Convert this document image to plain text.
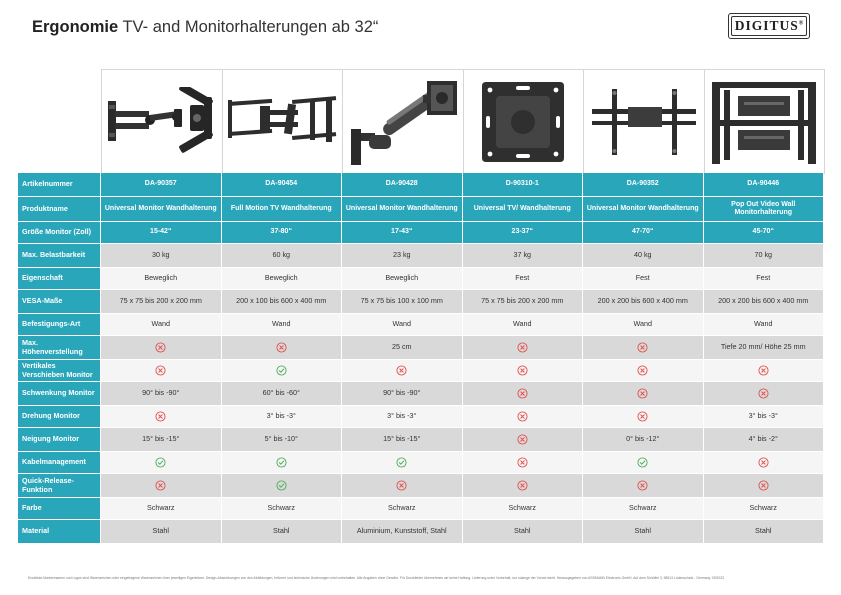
Ergonomie TV- and Monitorhalterungen ab 32“	DIGITUS®
Artikelnummer	DA-90357	DA-90454	DA-90428	D-90310-1	DA-90352	DA-90446
Produktname	Universal Monitor Wandhalterung	Full Motion TV Wandhalterung	Universal Monitor Wandhalterung	Universal TV/ Wandhalterung	Universal Monitor Wandhalterung	Pop Out Video Wall Monitorhalterung
Größe Monitor (Zoll)	15-42“	37-80“	17-43“	23-37“	47-70“	45-70“
Max. Belastbarkeit	30 kg	60 kg	23 kg	37 kg	40 kg	70 kg
Eigenschaft	Beweglich	Beweglich	Beweglich	Fest	Fest	Fest
VESA-Maße	75 x 75 bis 200 x 200 mm	200 x 100 bis 600 x 400 mm	75 x 75 bis 100 x 100 mm	75 x 75 bis 200 x 200 mm	200 x 200 bis 600 x 400 mm	200 x 200 bis 600 x 400 mm
Befestigungs-Art	Wand	Wand	Wand	Wand	Wand	Wand
Max. Höhenverstellung			25 cm			Tiefe 20 mm/ Höhe 25 mm
Vertikales Verschieben Monitor						
Schwenkung Monitor	90° bis -90°	60° bis -60°	90° bis -90°			
Drehung Monitor		3° bis -3°	3° bis -3°			3° bis -3°
Neigung Monitor	15° bis -15°	5° bis -10°	15° bis -15°		0° bis -12°	4° bis -2°
Kabelmanagement						
Quick-Release-Funktion						
Farbe	Schwarz	Schwarz	Schwarz	Schwarz	Schwarz	Schwarz
Material	Stahl	Stahl	Aluminium, Kunststoff, Stahl	Stahl	Stahl	Stahl
Erwähnte Markennamen und Logos sind Warenzeichen oder eingetragene Warenzeichen ihrer jeweiligen Eigentümer. Design-Abweichungen von den Abbildungen, Irrtümer und technische Änderungen sind vorbehalten. Alle Angaben ohne Gewähr. Für Druckfehler übernehmen wir keine Haftung. Lieferung unter Vorbehalt, nur solange der Vorrat reicht. Herausgegeben von ASSMANN Electronic GmbH, Auf dem Schüffel 3, 58513 Lüdenscheid - Germany, 09/2023
